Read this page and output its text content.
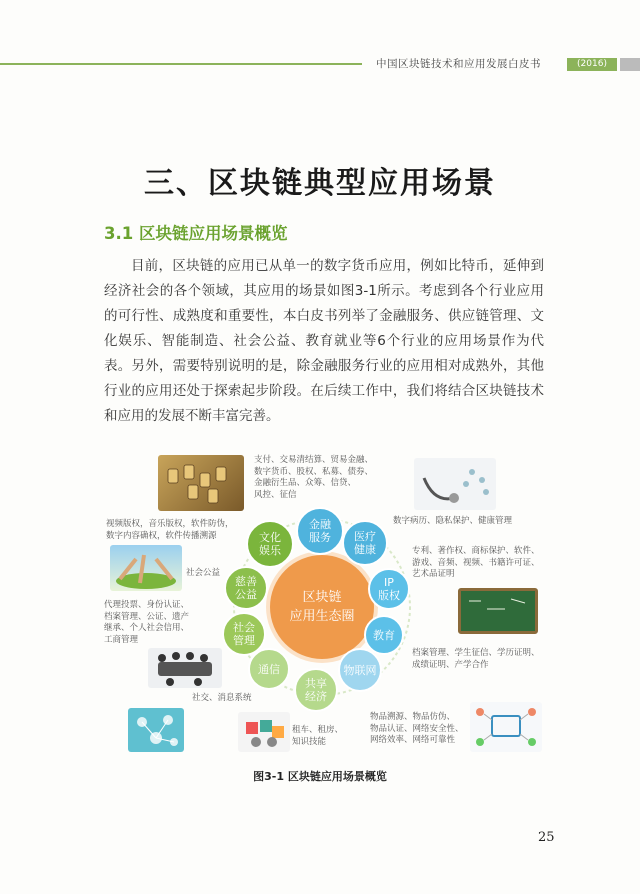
中国区块链技术和应用发展白皮书	(2016)
三、区块链典型应用场景
3.1 区块链应用场景概览

目前，区块链的应用已从单一的数字货币应用，例如比特币，延伸到经济社会的各个领域，其应用的场景如图3-1所示。考虑到各个行业应用的可行性、成熟度和重要性，本白皮书列举了金融服务、供应链管理、文化娱乐、智能制造、社会公益、教育就业等6个行业的应用场景作为代表。另外，需要特别说明的是，除金融服务行业的应用相对成熟外，其他行业的应用还处于探索起步阶段。在后续工作中，我们将结合区块链技术和应用的发展不断丰富完善。

区块链
应用生态圈
金融
服务 医疗
健康
IP
版权
教育
物联网
共享
经济
通信
社会
管理
慈善
公益
文化
娱乐
支付、交易清结算、贸易金融、
数字货币、股权、私募、债券、
金融衍生品、众筹、信贷、
风控、征信
数字病历、隐私保护、健康管理
专利、著作权、商标保护、软件、
游戏、音频、视频、书籍许可证、
艺术品证明
档案管理、学生征信、学历证明、
成绩证明、产学合作
物品溯源、物品仿伪、
物品认证、网络安全性、
网络效率、网络可靠性
租车、租房、
知识技能
社交、消息系统
代理投票、身份认证、
档案管理、公证、遗产
继承、个人社会信用、
工商管理
社会公益
视频版权，音乐版权，软件防伪，
数字内容确权，软件传播溯源
图3-1 区块链应用场景概览
25
